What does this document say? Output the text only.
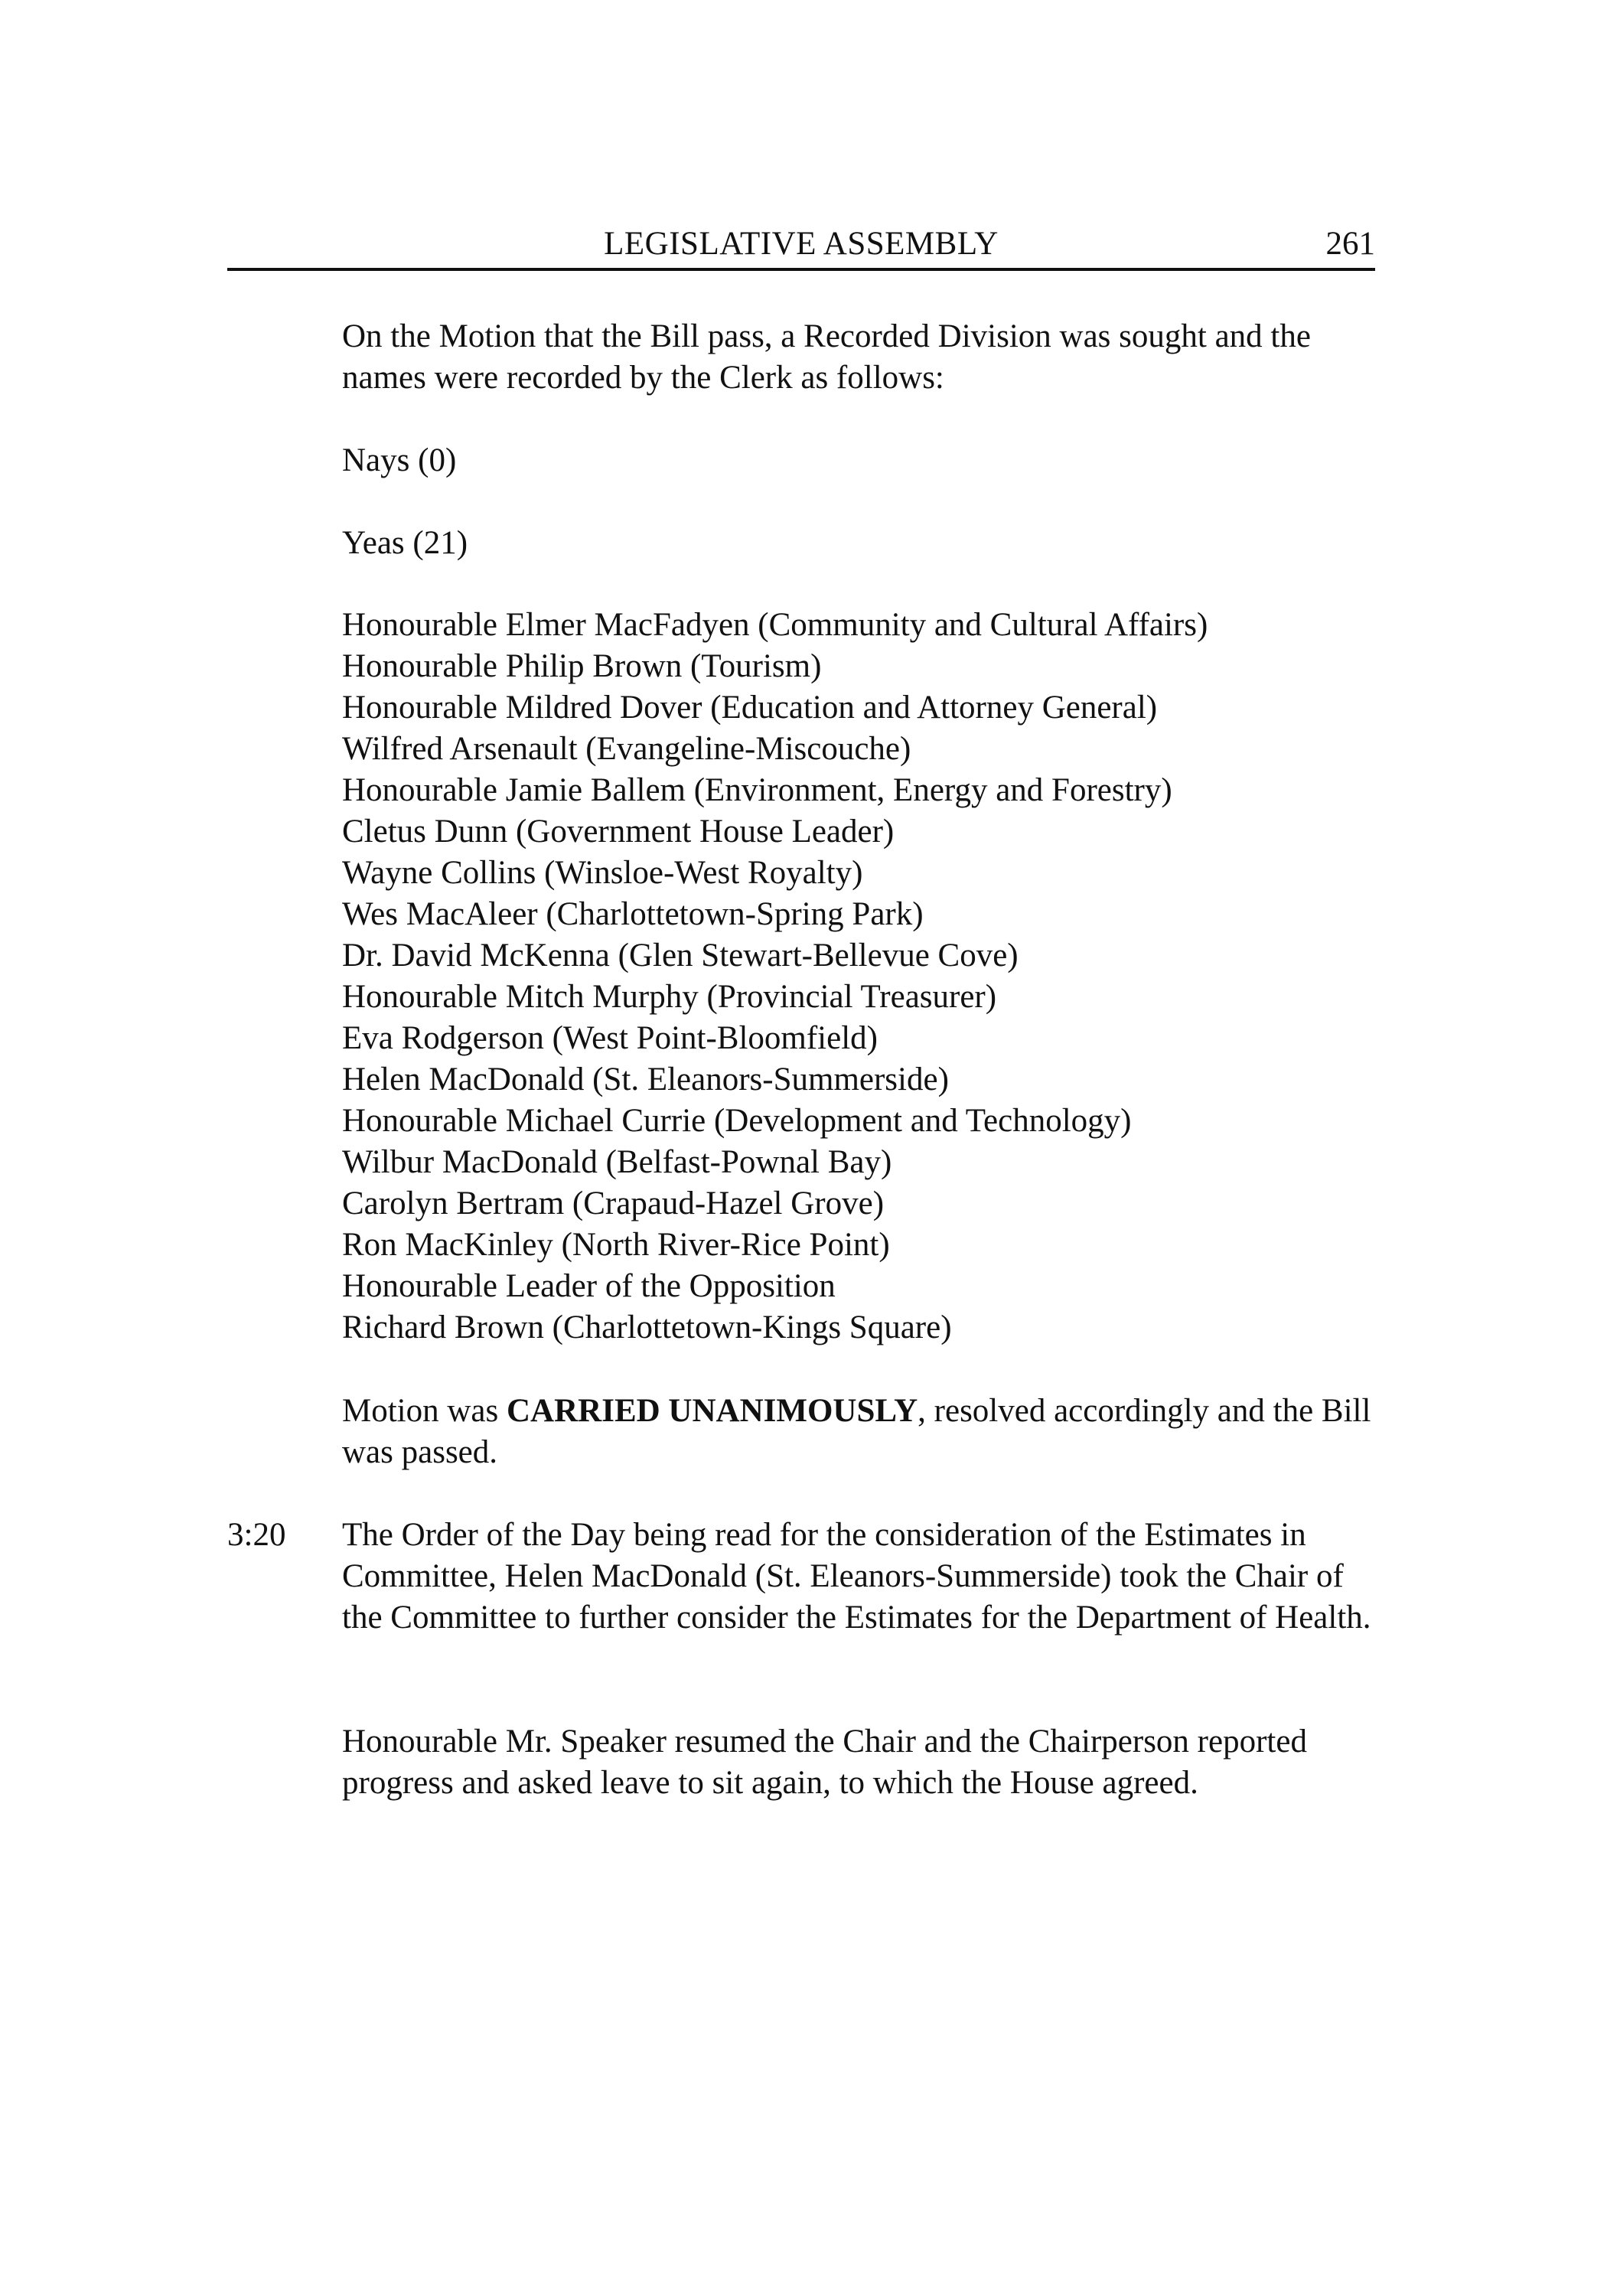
LEGISLATIVE ASSEMBLY	261

On the Motion that the Bill pass, a Recorded Division was sought and the names were recorded by the Clerk as follows:

Nays (0)

Yeas (21)

Honourable Elmer MacFadyen (Community and Cultural Affairs)
Honourable Philip Brown (Tourism)
Honourable Mildred Dover (Education and Attorney General)
Wilfred Arsenault (Evangeline-Miscouche)
Honourable Jamie Ballem (Environment, Energy and Forestry)
Cletus Dunn (Government House Leader)
Wayne Collins (Winsloe-West Royalty)
Wes MacAleer (Charlottetown-Spring Park)
Dr. David McKenna (Glen Stewart-Bellevue Cove)
Honourable Mitch Murphy (Provincial Treasurer)
Eva Rodgerson (West Point-Bloomfield)
Helen MacDonald (St. Eleanors-Summerside)
Honourable Michael Currie (Development and Technology)
Wilbur MacDonald (Belfast-Pownal Bay)
Carolyn Bertram (Crapaud-Hazel Grove)
Ron MacKinley (North River-Rice Point)
Honourable Leader of the Opposition
Richard Brown (Charlottetown-Kings Square)

Motion was CARRIED UNANIMOUSLY, resolved accordingly and the Bill was passed.

3:20 The Order of the Day being read for the consideration of the Estimates in Committee, Helen MacDonald (St. Eleanors-Summerside) took the Chair of the Committee to further consider the Estimates for the Department of Health.

Honourable Mr. Speaker resumed the Chair and the Chairperson reported progress and asked leave to sit again, to which the House agreed.
